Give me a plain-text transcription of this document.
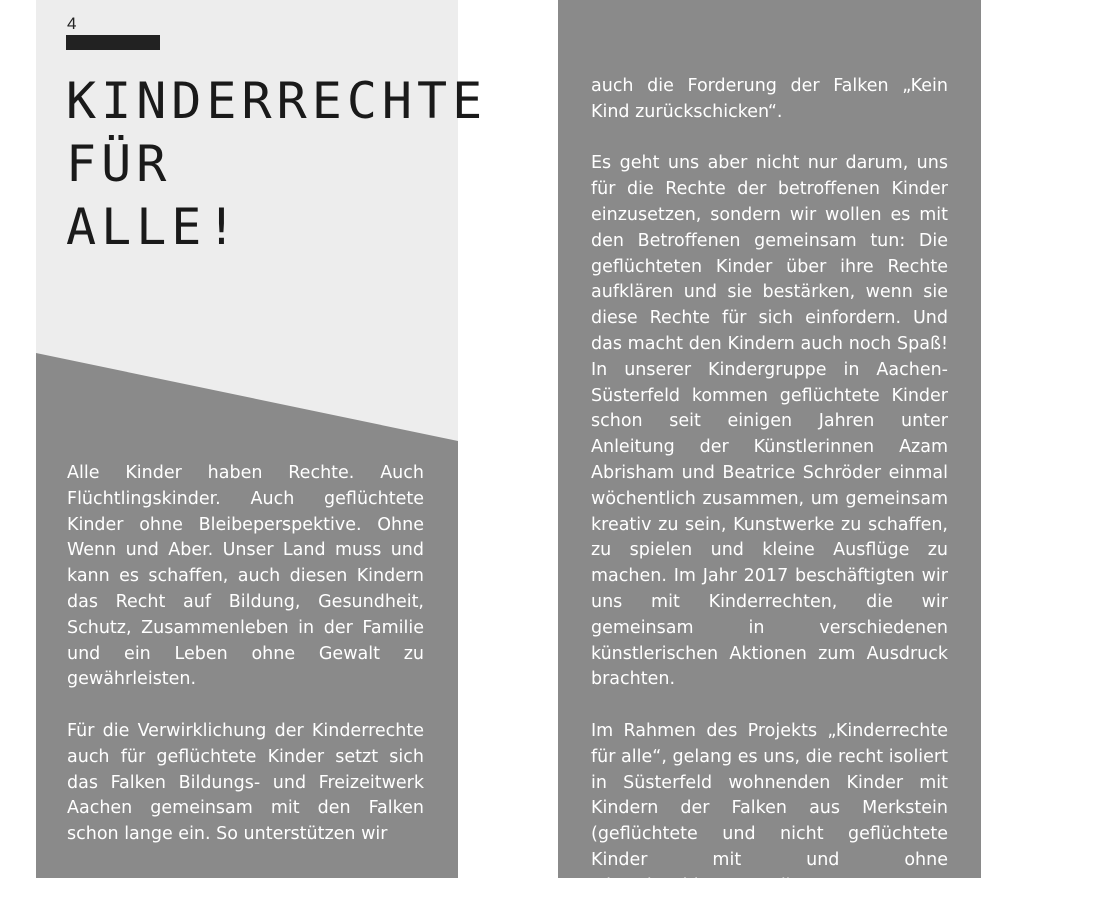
4
KINDERRECHTE
FÜR
ALLE!

Alle Kinder haben Rechte. Auch Flüchtlingskinder. Auch geflüchtete Kinder ohne Bleibeperspektive. Ohne Wenn und Aber. Unser Land muss und kann es schaffen, auch diesen Kindern das Recht auf Bildung, Gesundheit, Schutz, Zusammenleben in der Familie und ein Leben ohne Gewalt zu gewährleisten.

Für die Verwirklichung der Kinderrechte auch für geflüchtete Kinder setzt sich das Falken Bildungs- und Freizeitwerk Aachen gemeinsam mit den Falken schon lange ein. So unterstützen wir

auch die Forderung der Falken „Kein Kind zurückschicken“.

Es geht uns aber nicht nur darum, uns für die Rechte der betroffenen Kinder einzusetzen, sondern wir wollen es mit den Betroffenen gemeinsam tun: Die geflüchteten Kinder über ihre Rechte aufklären und sie bestärken, wenn sie diese Rechte für sich einfordern. Und das macht den Kindern auch noch Spaß! In unserer Kindergruppe in Aachen-Süsterfeld kommen geflüchtete Kinder schon seit einigen Jahren unter Anleitung der Künstlerinnen Azam Abrisham und Beatrice Schröder einmal wöchentlich zusammen, um gemeinsam kreativ zu sein, Kunstwerke zu schaffen, zu spielen und kleine Ausflüge zu machen. Im Jahr 2017 beschäftigten wir uns mit Kinderrechten, die wir gemeinsam in verschiedenen künstlerischen Aktionen zum Ausdruck brachten.

Im Rahmen des Projekts „Kinderrechte für alle“, gelang es uns, die recht isoliert in Süsterfeld wohnenden Kinder mit Kindern der Falken aus Merkstein (geflüchtete und nicht geflüchtete Kinder mit und ohne Migrationshintergrund)
